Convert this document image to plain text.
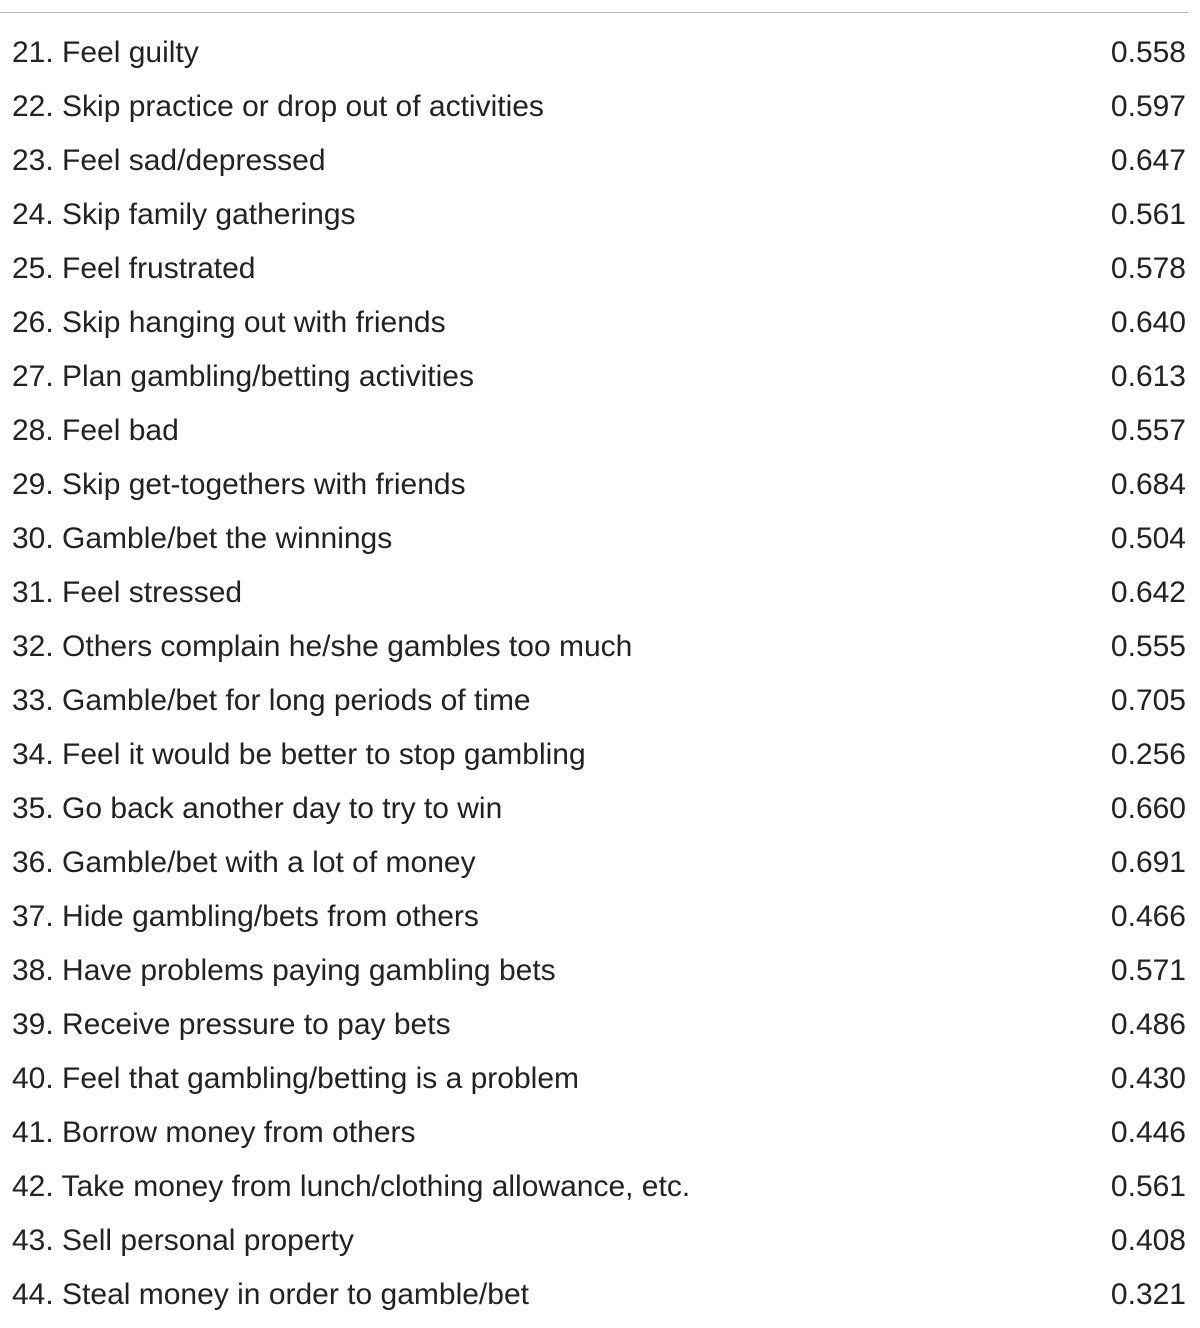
21. Feel guilty	0.558
22. Skip practice or drop out of activities	0.597
23. Feel sad/depressed	0.647
24. Skip family gatherings	0.561
25. Feel frustrated	0.578
26. Skip hanging out with friends	0.640
27. Plan gambling/betting activities	0.613
28. Feel bad	0.557
29. Skip get-togethers with friends	0.684
30. Gamble/bet the winnings	0.504
31. Feel stressed	0.642
32. Others complain he/she gambles too much	0.555
33. Gamble/bet for long periods of time	0.705
34. Feel it would be better to stop gambling	0.256
35. Go back another day to try to win	0.660
36. Gamble/bet with a lot of money	0.691
37. Hide gambling/bets from others	0.466
38. Have problems paying gambling bets	0.571
39. Receive pressure to pay bets	0.486
40. Feel that gambling/betting is a problem	0.430
41. Borrow money from others	0.446
42. Take money from lunch/clothing allowance, etc.	0.561
43. Sell personal property	0.408
44. Steal money in order to gamble/bet	0.321
